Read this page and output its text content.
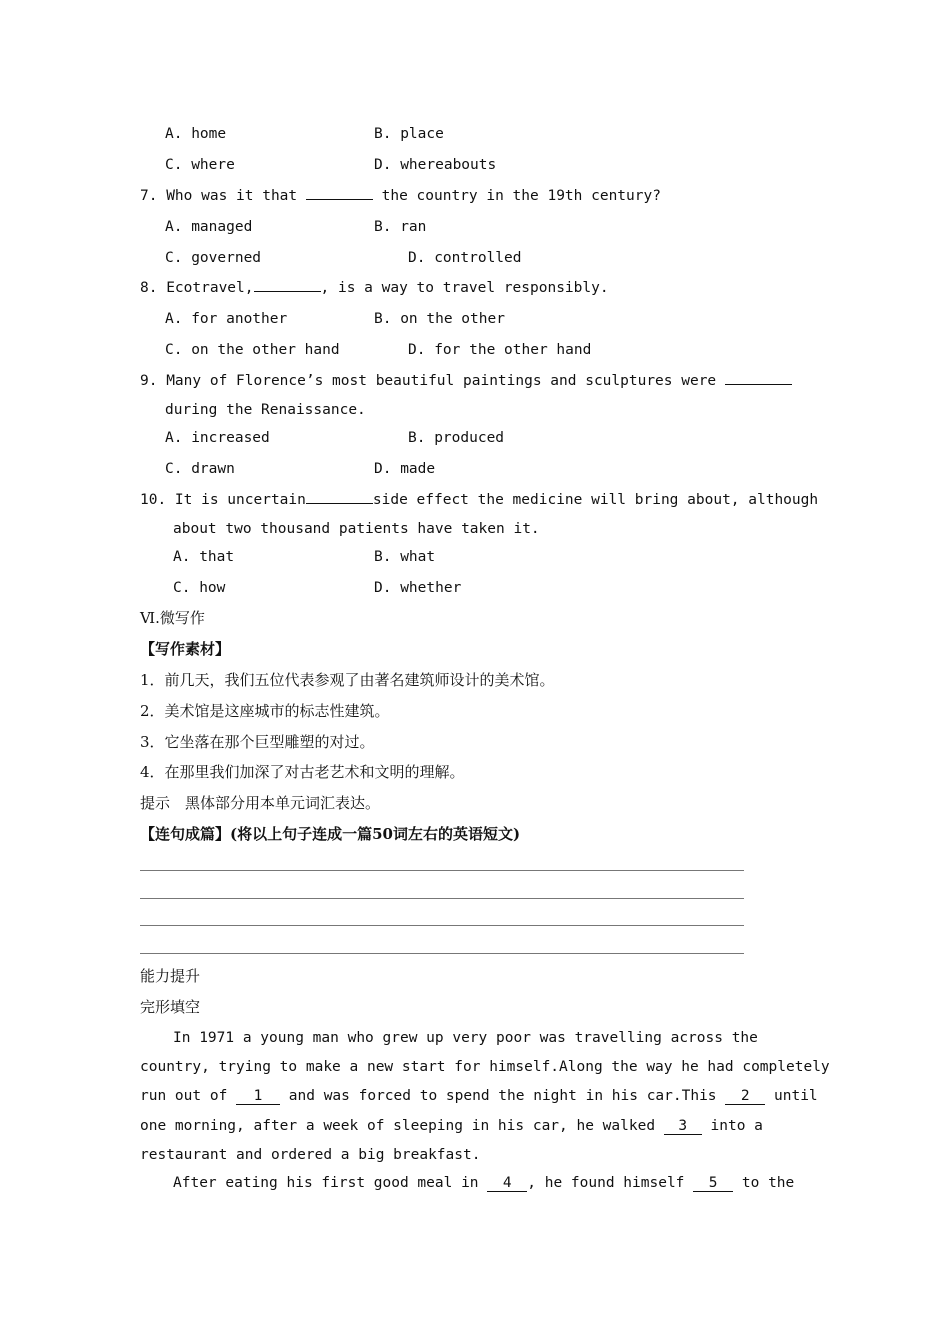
A. home	B. place
C. where	D. whereabouts
7. Who was it that	the country in the 19th century?
A. managed	B. ran
C. governed	D. controlled
8. Ecotravel,	, is a way to travel responsibly.
A. for another	B. on the other
C. on the other hand	D. for the other hand
9. Many of Florence’s most beautiful paintings and sculptures were
during the Renaissance.
A. increased	B. produced
C. drawn	D. made
10. It is uncertain	side effect the medicine will bring about, although
about two thousand patients have taken it.
A. that	B. what
C. how	D. whether
Ⅵ.微写作
【写作素材】
1．前几天，我们五位代表参观了由著名建筑师设计的美术馆。
2．美术馆是这座城市的标志性建筑。
3．它坐落在那个巨型雕塑的对过。
4．在那里我们加深了对古老艺术和文明的理解。
提示　黑体部分用本单元词汇表达。
【连句成篇】(将以上句子连成一篇50词左右的英语短文)
能力提升
完形填空
In 1971 a young man who grew up very poor was travelling across the
country, trying to make a new start for himself.Along the way he had completely
run out of 1 and was forced to spend the night in his car.This 2 until
one morning, after a week of sleeping in his car, he walked 3 into a
restaurant and ordered a big breakfast.
After eating his first good meal in 4 , he found himself 5 to the
